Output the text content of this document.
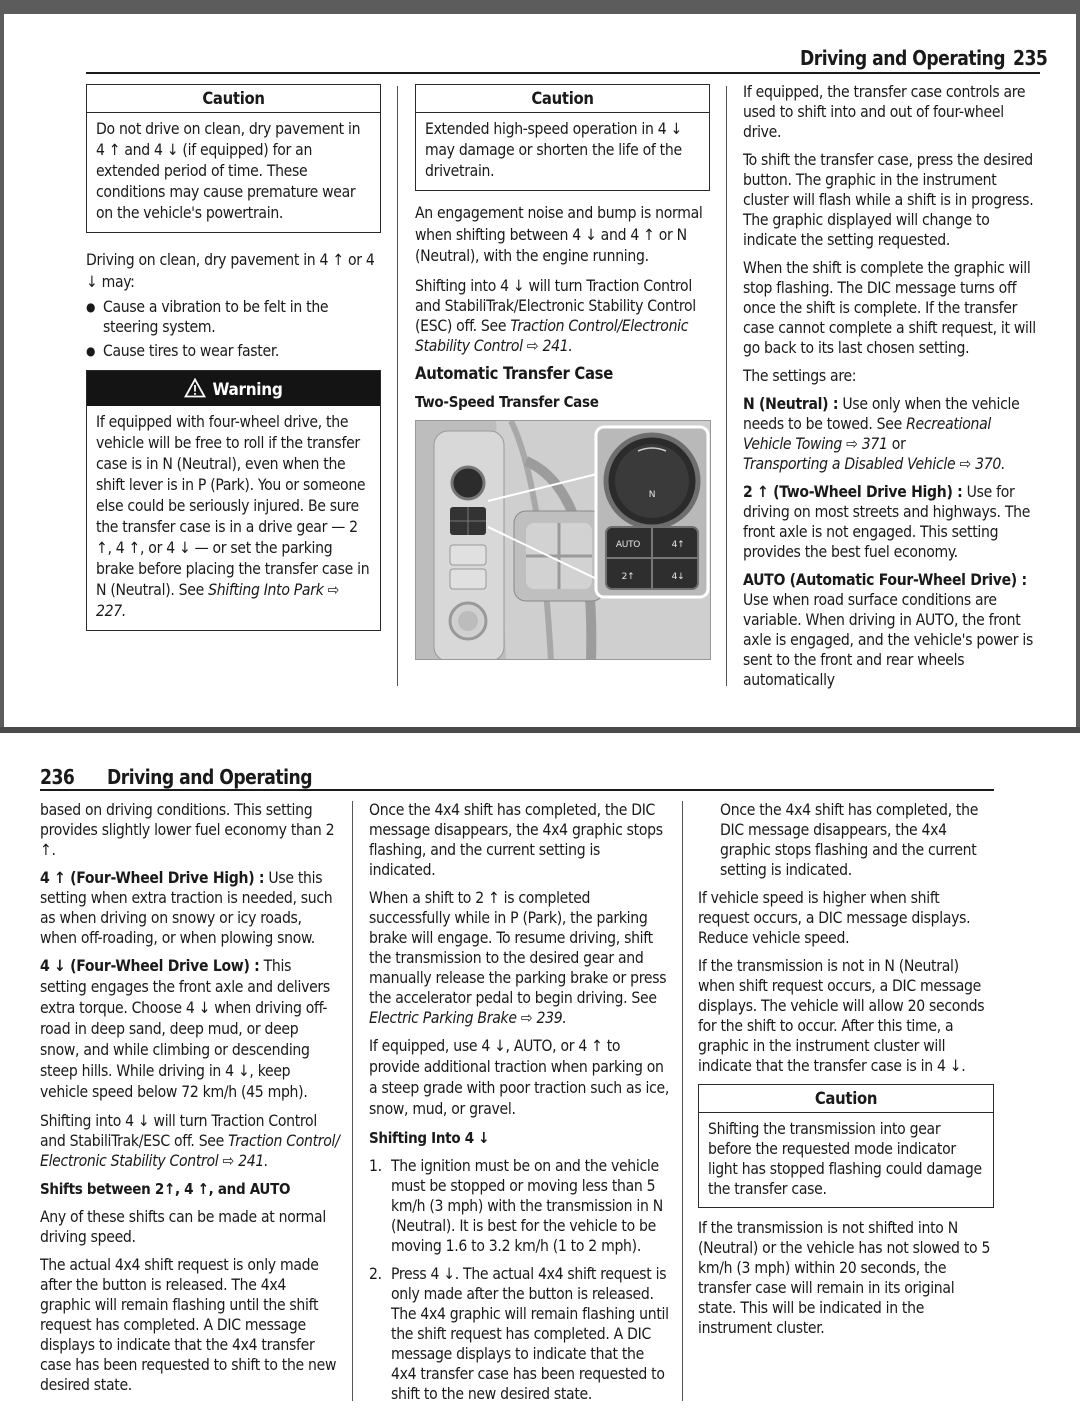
Driving and Operating 235
Caution
Do not drive on clean, dry pavement in 4 ↑ and 4 ↓ (if equipped) for an extended period of time. These conditions may cause premature wear on the vehicle's powertrain.

Driving on clean, dry pavement in 4 ↑ or 4 ↓ may:

● Cause a vibration to be felt in the steering system.
● Cause tires to wear faster.
Warning
If equipped with four-wheel drive, the vehicle will be free to roll if the transfer case is in N (Neutral), even when the shift lever is in P (Park). You or someone else could be seriously injured. Be sure the transfer case is in a drive gear — 2 ↑, 4 ↑, or 4 ↓ — or set the parking brake before placing the transfer case in N (Neutral). See Shifting Into Park ⇨ 227.
Caution
Extended high-speed operation in 4 ↓ may damage or shorten the life of the drivetrain.

An engagement noise and bump is normal when shifting between 4 ↓ and 4 ↑ or N (Neutral), with the engine running.

Shifting into 4 ↓ will turn Traction Control and StabiliTrak/Electronic Stability Control (ESC) off. See Traction Control/Electronic Stability Control ⇨ 241.

Automatic Transfer Case
Two-Speed Transfer Case
N
AUTO	4↑
2↑	4↓

If equipped, the transfer case controls are used to shift into and out of four-wheel drive.

To shift the transfer case, press the desired button. The graphic in the instrument cluster will flash while a shift is in progress. The graphic displayed will change to indicate the setting requested.

When the shift is complete the graphic will stop flashing. The DIC message turns off once the shift is complete. If the transfer case cannot complete a shift request, it will go back to its last chosen setting.

The settings are:

N (Neutral) : Use only when the vehicle needs to be towed. See Recreational Vehicle Towing ⇨ 371 or
Transporting a Disabled Vehicle ⇨ 370.

2 ↑ (Two-Wheel Drive High) : Use for driving on most streets and highways. The front axle is not engaged. This setting provides the best fuel economy.

AUTO (Automatic Four-Wheel Drive) : Use when road surface conditions are variable. When driving in AUTO, the front axle is engaged, and the vehicle's power is sent to the front and rear wheels automatically

236 Driving and Operating

based on driving conditions. This setting provides slightly lower fuel economy than 2 ↑.

4 ↑ (Four-Wheel Drive High) : Use this setting when extra traction is needed, such as when driving on snowy or icy roads, when off-roading, or when plowing snow.

4 ↓ (Four-Wheel Drive Low) : This setting engages the front axle and delivers extra torque. Choose 4 ↓ when driving off-road in deep sand, deep mud, or deep snow, and while climbing or descending steep hills. While driving in 4 ↓, keep vehicle speed below 72 km/h (45 mph).

Shifting into 4 ↓ will turn Traction Control and StabiliTrak/ESC off. See Traction Control/ Electronic Stability Control ⇨ 241.

Shifts between 2↑, 4 ↑, and AUTO

Any of these shifts can be made at normal driving speed.

The actual 4x4 shift request is only made after the button is released. The 4x4 graphic will remain flashing until the shift request has completed. A DIC message displays to indicate that the 4x4 transfer case has been requested to shift to the new desired state.

Once the 4x4 shift has completed, the DIC message disappears, the 4x4 graphic stops flashing, and the current setting is indicated.

When a shift to 2 ↑ is completed successfully while in P (Park), the parking brake will engage. To resume driving, shift the transmission to the desired gear and manually release the parking brake or press the accelerator pedal to begin driving. See Electric Parking Brake ⇨ 239.

If equipped, use 4 ↓, AUTO, or 4 ↑ to provide additional traction when parking on a steep grade with poor traction such as ice, snow, mud, or gravel.

Shifting Into 4 ↓
1. The ignition must be on and the vehicle must be stopped or moving less than 5 km/h (3 mph) with the transmission in N (Neutral). It is best for the vehicle to be moving 1.6 to 3.2 km/h (1 to 2 mph).
2. Press 4 ↓. The actual 4x4 shift request is only made after the button is released. The 4x4 graphic will remain flashing until the shift request has completed. A DIC message displays to indicate that the 4x4 transfer case has been requested to shift to the new desired state.

Once the 4x4 shift has completed, the DIC message disappears, the 4x4 graphic stops flashing and the current setting is indicated.

If vehicle speed is higher when shift request occurs, a DIC message displays. Reduce vehicle speed.

If the transmission is not in N (Neutral) when shift request occurs, a DIC message displays. The vehicle will allow 20 seconds for the shift to occur. After this time, a graphic in the instrument cluster will indicate that the transfer case is in 4 ↓.

Caution
Shifting the transmission into gear before the requested mode indicator light has stopped flashing could damage the transfer case.

If the transmission is not shifted into N (Neutral) or the vehicle has not slowed to 5 km/h (3 mph) within 20 seconds, the transfer case will remain in its original state. This will be indicated in the instrument cluster.
